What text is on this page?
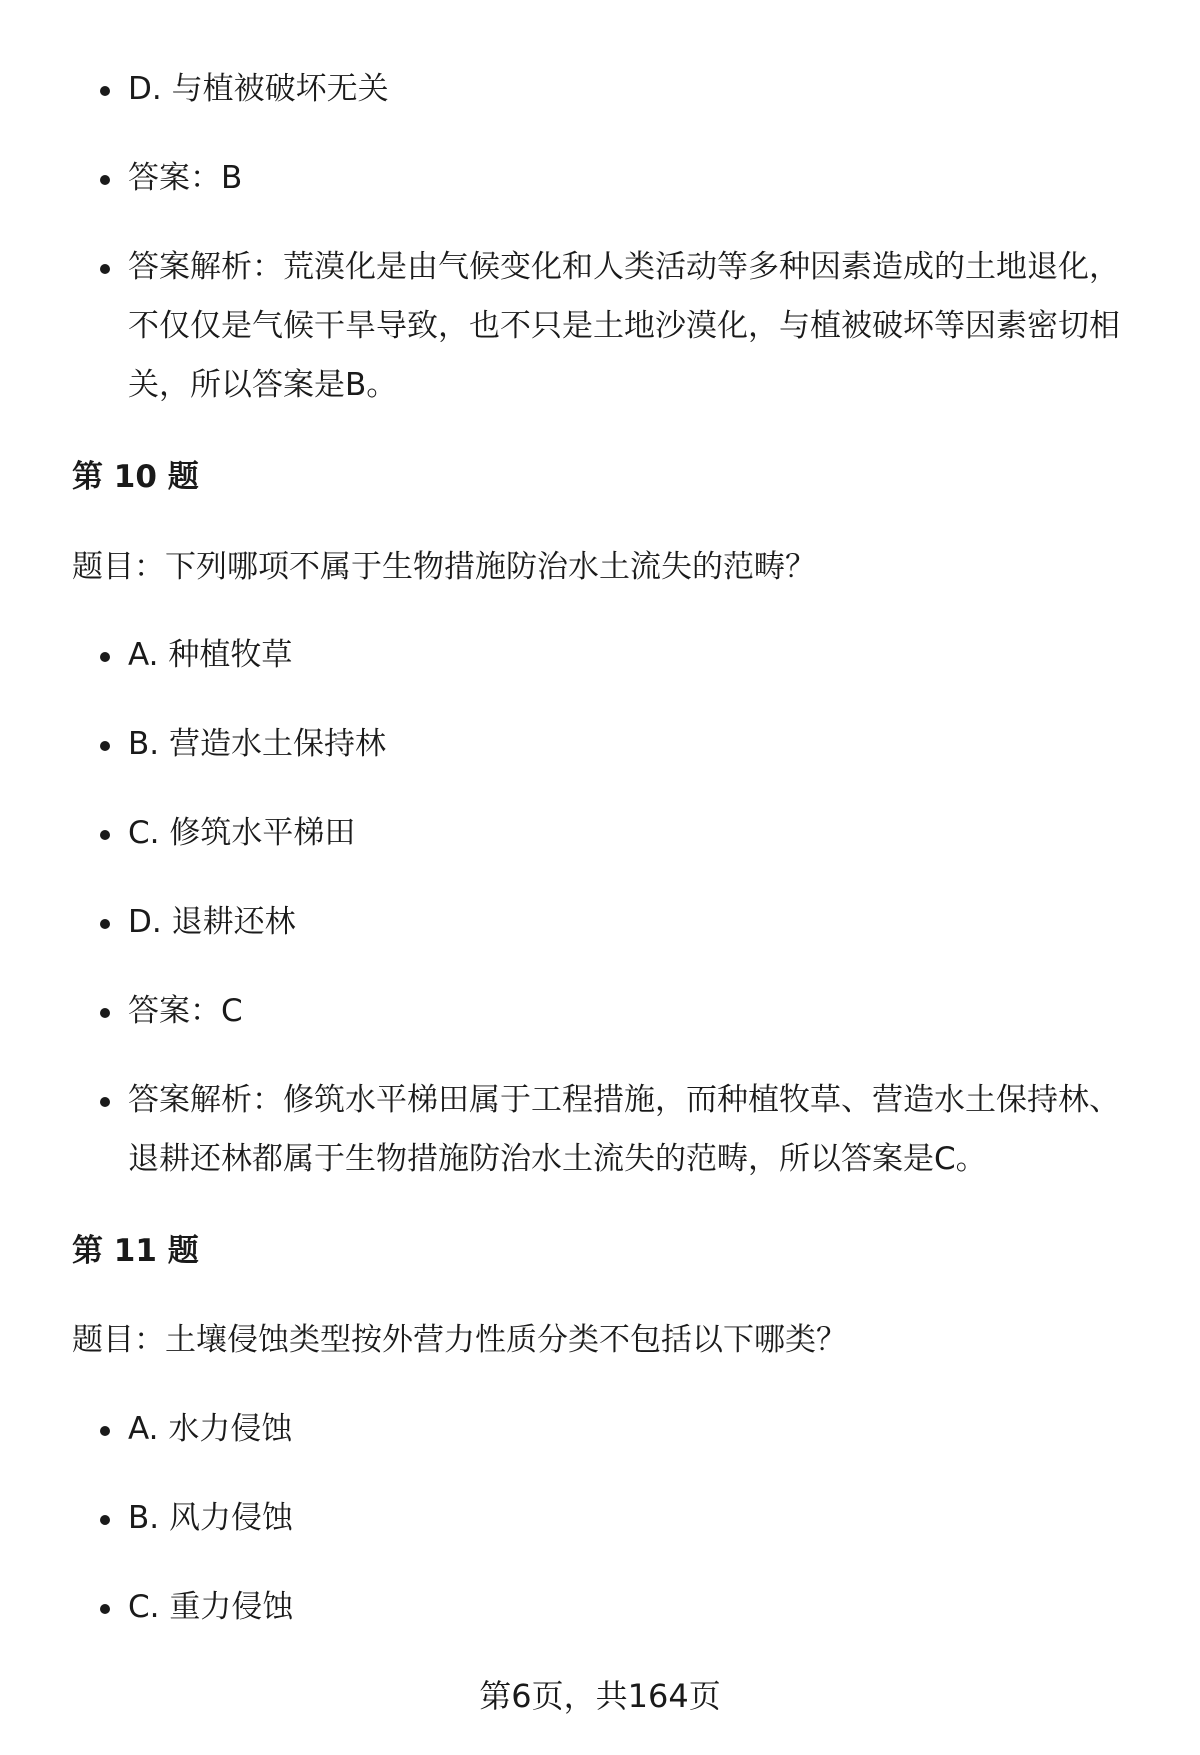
D. 与植被破坏无关
答案：B
答案解析：荒漠化是由气候变化和人类活动等多种因素造成的土地退化，不仅仅是气候干旱导致，也不只是土地沙漠化，与植被破坏等因素密切相关，所以答案是B。
第 10 题
题目：下列哪项不属于生物措施防治水土流失的范畴？
A. 种植牧草
B. 营造水土保持林
C. 修筑水平梯田
D. 退耕还林
答案：C
答案解析：修筑水平梯田属于工程措施，而种植牧草、营造水土保持林、退耕还林都属于生物措施防治水土流失的范畴，所以答案是C。
第 11 题
题目：土壤侵蚀类型按外营力性质分类不包括以下哪类？
A. 水力侵蚀
B. 风力侵蚀
C. 重力侵蚀
第6页，共164页
